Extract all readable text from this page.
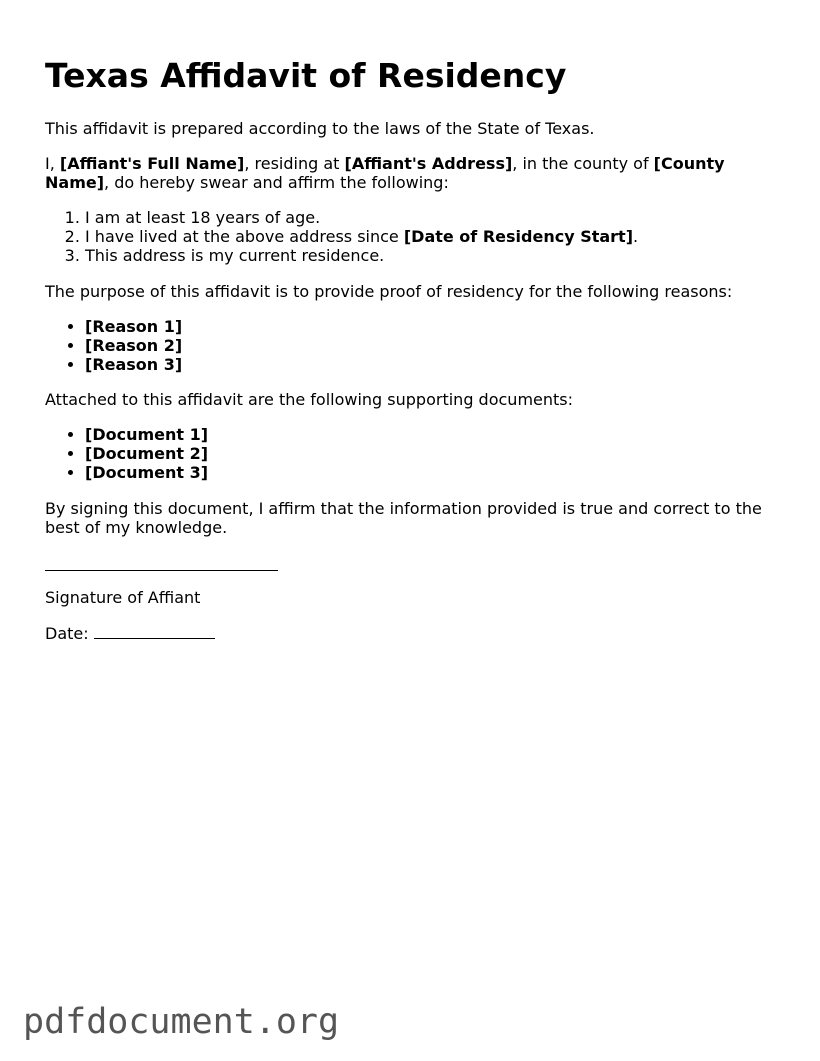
Texas Affidavit of Residency

This affidavit is prepared according to the laws of the State of Texas.

I, [Affiant's Full Name], residing at [Affiant's Address], in the county of [County Name], do hereby swear and affirm the following:

1. I am at least 18 years of age.
2. I have lived at the above address since [Date of Residency Start].
3. This address is my current residence.

The purpose of this affidavit is to provide proof of residency for the following reasons:

• [Reason 1]
• [Reason 2]
• [Reason 3]

Attached to this affidavit are the following supporting documents:

• [Document 1]
• [Document 2]
• [Document 3]

By signing this document, I affirm that the information provided is true and correct to the best of my knowledge.

Signature of Affiant

Date:

pdfdocument.org
